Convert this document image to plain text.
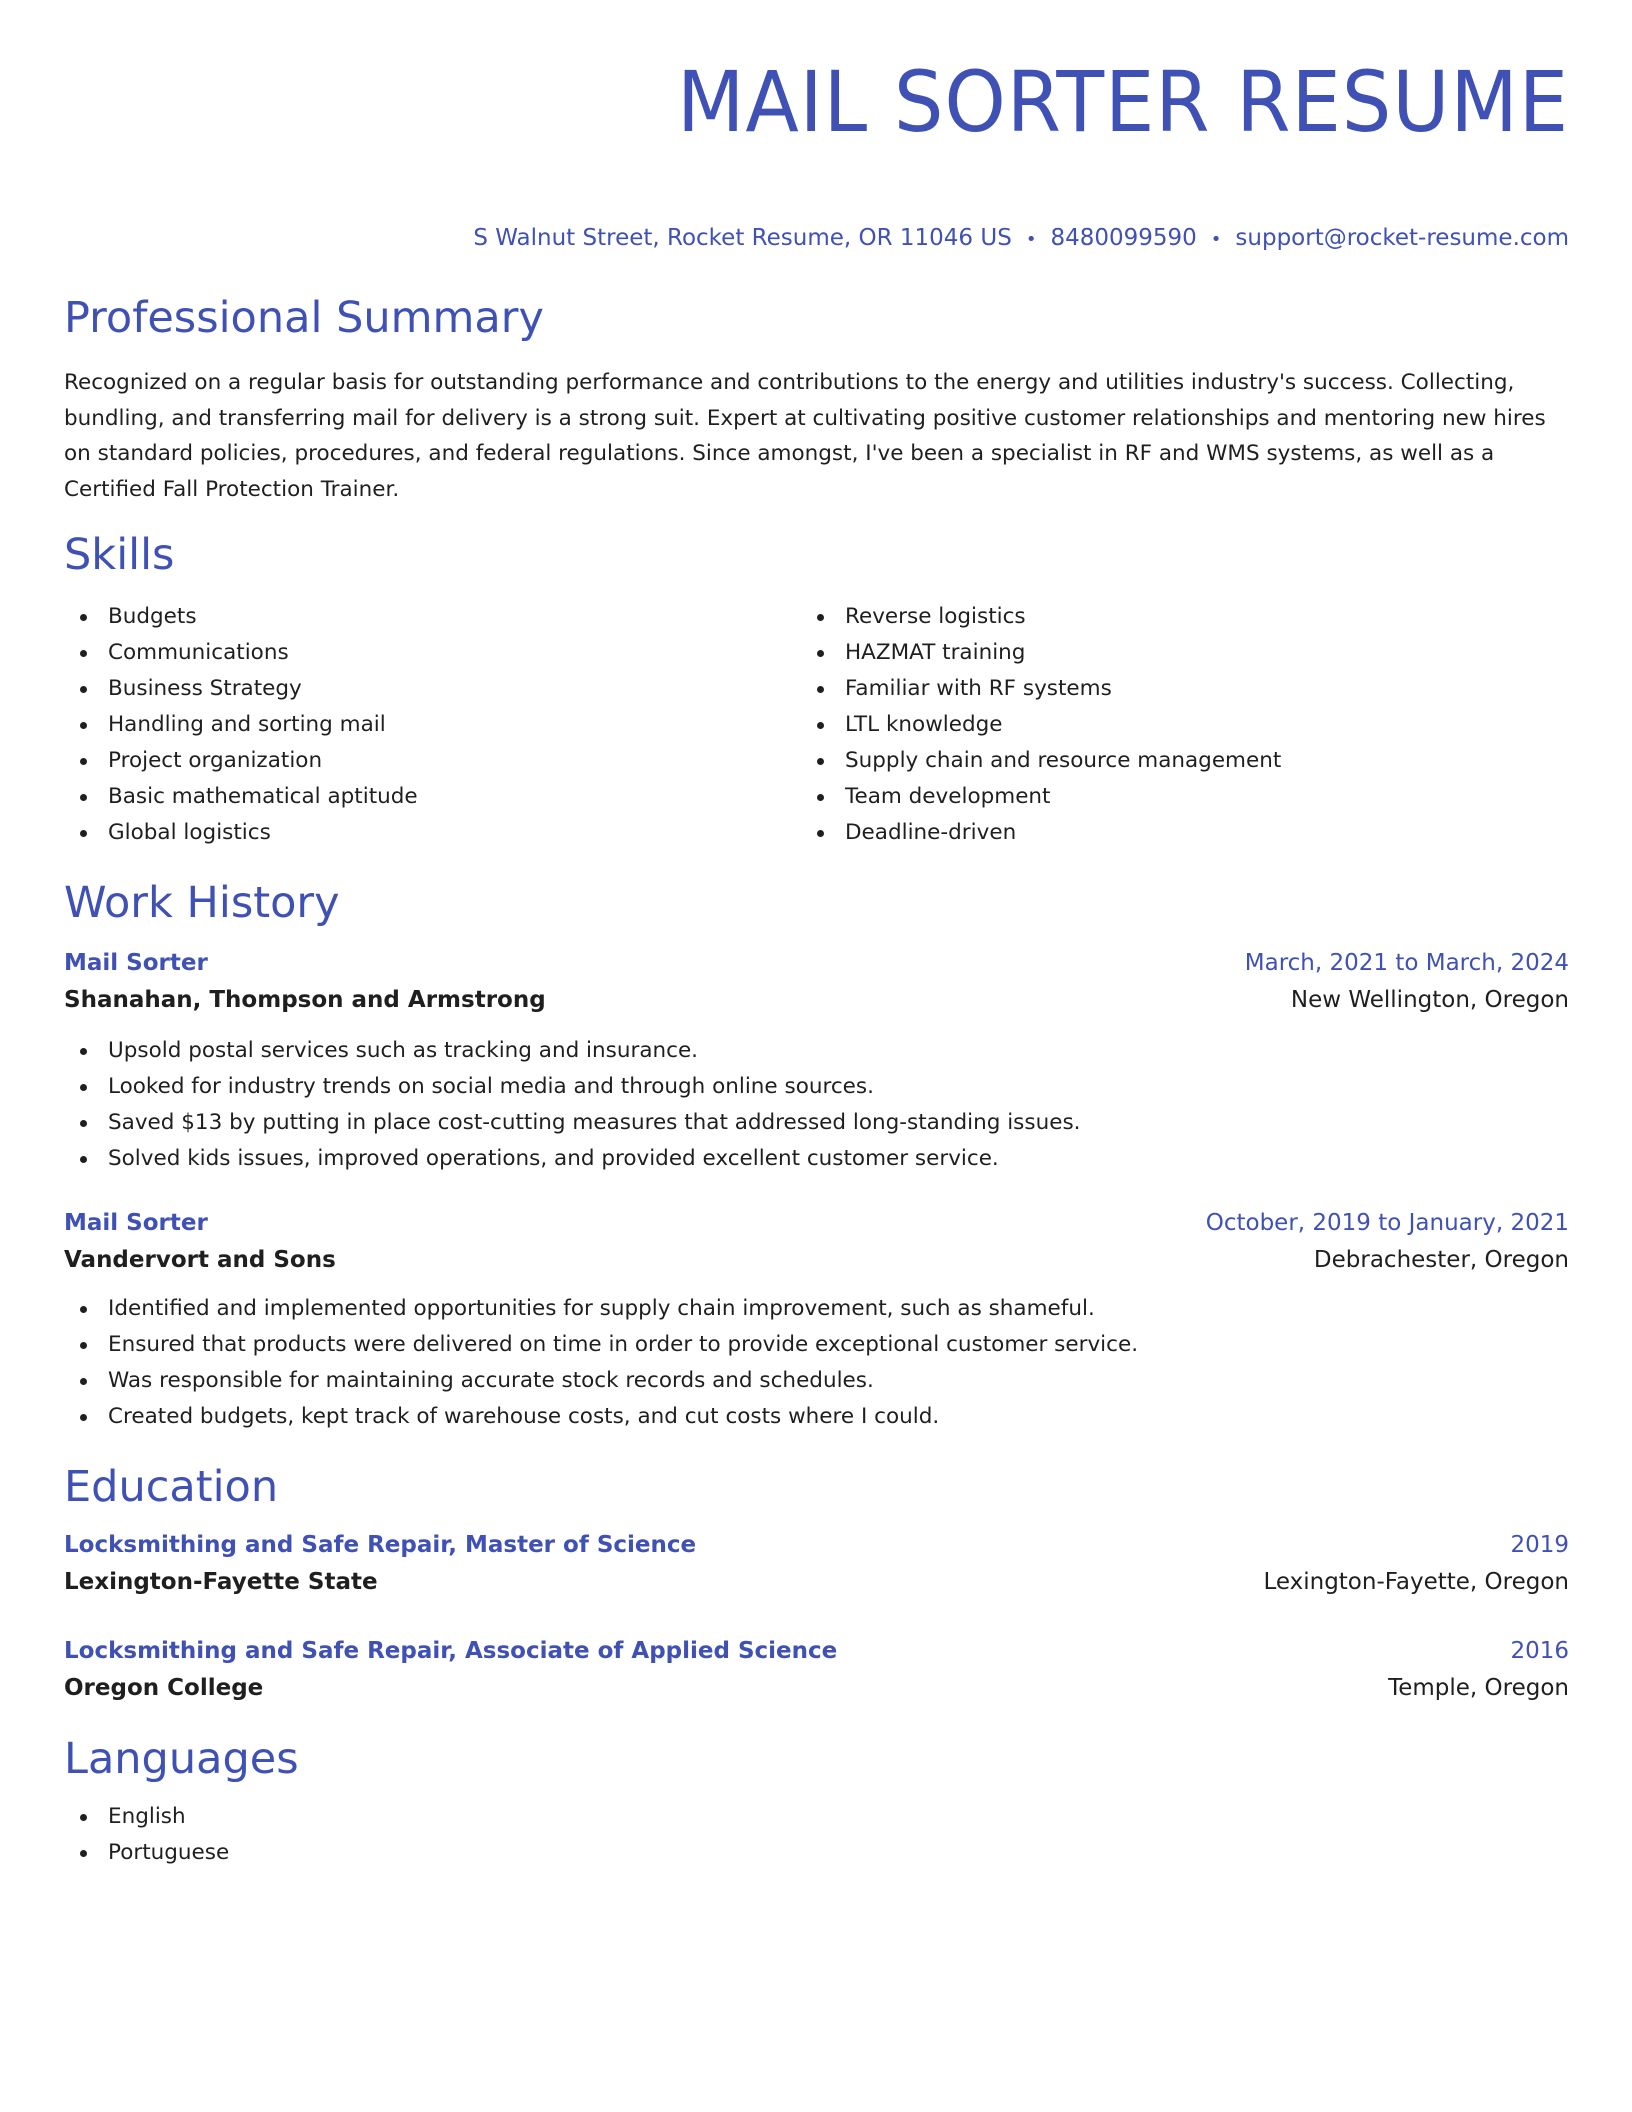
MAIL SORTER RESUME
S Walnut Street, Rocket Resume, OR 11046 US • 8480099590 • support@rocket-resume.com
Professional Summary

Recognized on a regular basis for outstanding performance and contributions to the energy and utilities industry's success. Collecting, bundling, and transferring mail for delivery is a strong suit. Expert at cultivating positive customer relationships and mentoring new hires on standard policies, procedures, and federal regulations. Since amongst, I've been a specialist in RF and WMS systems, as well as a Certified Fall Protection Trainer.

Skills
Budgets
Communications
Business Strategy
Handling and sorting mail
Project organization
Basic mathematical aptitude
Global logistics
Reverse logistics
HAZMAT training
Familiar with RF systems
LTL knowledge
Supply chain and resource management
Team development
Deadline-driven
Work History
Mail Sorter	March, 2021 to March, 2024
Shanahan, Thompson and Armstrong	New Wellington, Oregon
Upsold postal services such as tracking and insurance.
Looked for industry trends on social media and through online sources.
Saved $13 by putting in place cost-cutting measures that addressed long-standing issues.
Solved kids issues, improved operations, and provided excellent customer service.
Mail Sorter	October, 2019 to January, 2021
Vandervort and Sons	Debrachester, Oregon
Identified and implemented opportunities for supply chain improvement, such as shameful.
Ensured that products were delivered on time in order to provide exceptional customer service.
Was responsible for maintaining accurate stock records and schedules.
Created budgets, kept track of warehouse costs, and cut costs where I could.
Education
Locksmithing and Safe Repair, Master of Science	2019
Lexington-Fayette State	Lexington-Fayette, Oregon
Locksmithing and Safe Repair, Associate of Applied Science	2016
Oregon College	Temple, Oregon
Languages
English
Portuguese
